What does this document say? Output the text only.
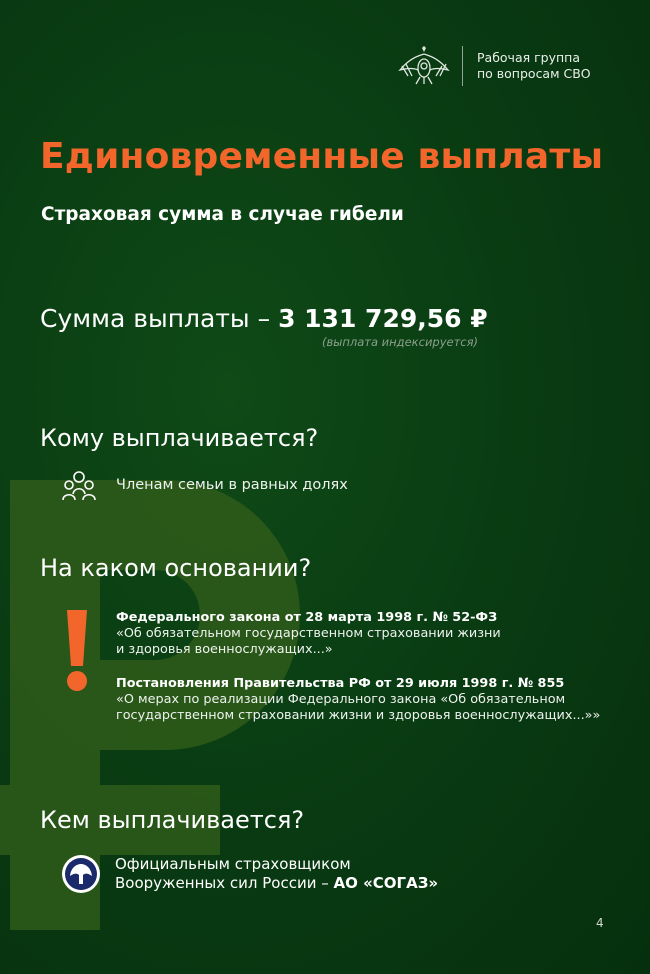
Рабочая группа
по вопросам СВО
Единовременные выплаты
Страховая сумма в случае гибели
Сумма выплаты – 3 131 729,56 ₽
(выплата индексируется)
Кому выплачивается?
Членам семьи в равных долях
На каком основании?
Федерального закона от 28 марта 1998 г. № 52-ФЗ
«Об обязательном государственном страховании жизни
и здоровья военнослужащих...»
Постановления Правительства РФ от 29 июля 1998 г. № 855
«О мерах по реализации Федерального закона «Об обязательном
государственном страховании жизни и здоровья военнослужащих...»»
Кем выплачивается?
Официальным страховщиком
Вооруженных сил России – АО «СОГАЗ»
4
